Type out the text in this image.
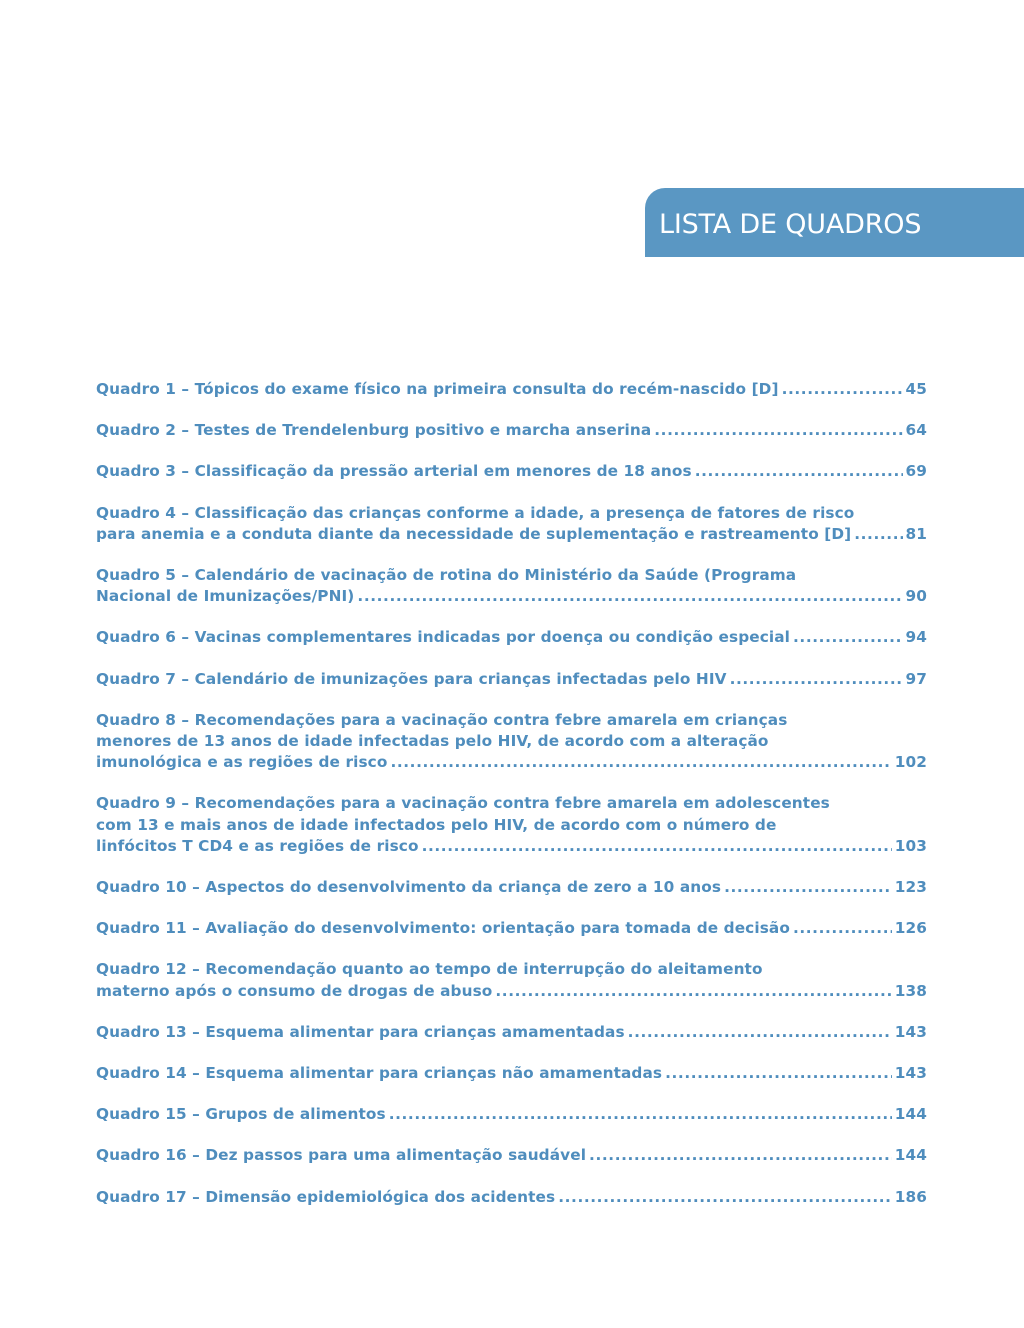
LISTA DE QUADROS
Quadro 1 – Tópicos do exame físico na primeira consulta do recém-nascido [D] .....	45
Quadro 2 – Testes de Trendelenburg positivo e marcha anserina .....	64
Quadro 3 – Classificação da pressão arterial em menores de 18 anos .....	69
Quadro 4 – Classificação das crianças conforme a idade, a presença de fatores de risco
para anemia e a conduta diante da necessidade de suplementação e rastreamento [D] .....	81
Quadro 5 – Calendário de vacinação de rotina do Ministério da Saúde (Programa
Nacional de Imunizações/PNI) .....	90
Quadro 6 – Vacinas complementares indicadas por doença ou condição especial .....	94
Quadro 7 – Calendário de imunizações para crianças infectadas pelo HIV .....	97
Quadro 8 – Recomendações para a vacinação contra febre amarela em crianças
menores de 13 anos de idade infectadas pelo HIV, de acordo com a alteração
imunológica e as regiões de risco .....	102
Quadro 9 – Recomendações para a vacinação contra febre amarela em adolescentes
com 13 e mais anos de idade infectados pelo HIV, de acordo com o número de
linfócitos T CD4 e as regiões de risco .....	103
Quadro 10 – Aspectos do desenvolvimento da criança de zero a 10 anos .....	123
Quadro 11 – Avaliação do desenvolvimento: orientação para tomada de decisão .....	126
Quadro 12 – Recomendação quanto ao tempo de interrupção do aleitamento
materno após o consumo de drogas de abuso .....	138
Quadro 13 – Esquema alimentar para crianças amamentadas .....	143
Quadro 14 – Esquema alimentar para crianças não amamentadas .....	143
Quadro 15 – Grupos de alimentos .....	144
Quadro 16 – Dez passos para uma alimentação saudável .....	144
Quadro 17 – Dimensão epidemiológica dos acidentes .....	186
